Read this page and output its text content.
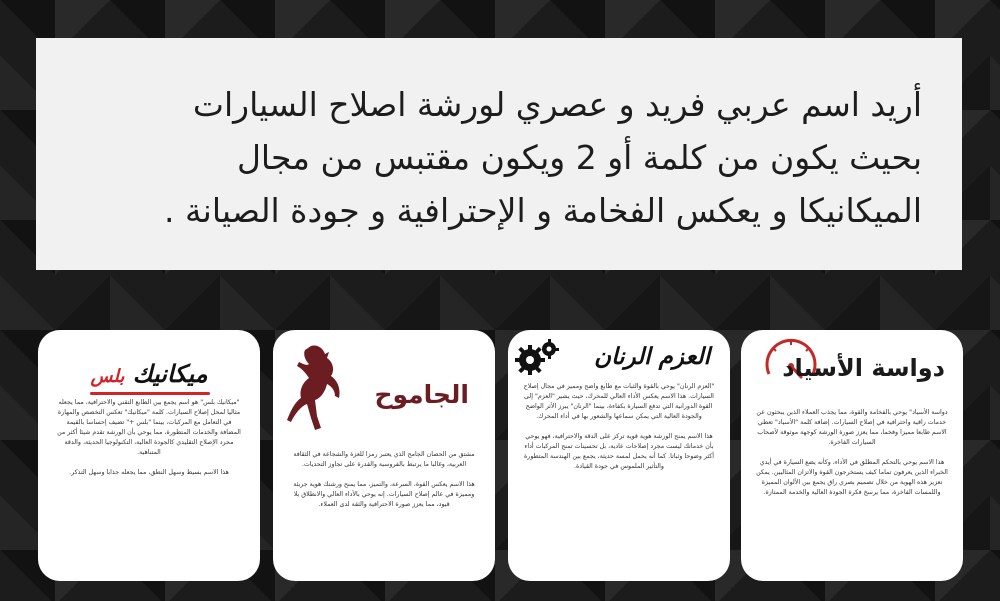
أريد اسم عربي فريد و عصري لورشة اصلاح السيارات
بحيث يكون من كلمة أو 2 ويكون مقتبس من مجال
الميكانيكا و يعكس الفخامة و الإحترافية و جودة الصيانة .
دواسة الأسياد

دواسة الأسياد" يوحي بالفخامة والقوة، مما يجذب العملاء الذين يبحثون عن خدمات راقية واحترافية في إصلاح السيارات. إضافة كلمة "الأسياد" تعطي الاسم طابعا مميزا وفخما، مما يعزز صورة الورشة كوجهة موثوقة لأصحاب السيارات الفاخرة.

هذا الاسم يوحي بالتحكم المطلق في الأداء، وكأنه يضع السيارة في أيدي الخبراء الذين يعرفون تماما كيف يستخرجون القوة والاتزان المثاليين. يمكن تعزيز هذه الهوية من خلال تصميم بصري راق يجمع بين الألوان المميزة واللمسات الفاخرة، مما يرسخ فكرة الجودة العالية والخدمة الممتازة.

العزم الرنان

"العزم الرنان" يوحي بالقوة والثبات مع طابع واضح ومميز في مجال إصلاح السيارات. هذا الاسم يعكس الأداء العالي للمحرك، حيث يشير "العزم" إلى القوة الدورانية التي تدفع السيارة بكفاءة، بينما "الرنان" يبرز الأثر الواضح والجودة العالية التي يمكن سماعها والشعور بها في أداء المحرك.

هذا الاسم يمنح الورشة هوية قوية تركز على الدقة والاحترافية، فهو يوحي بأن خدماتك ليست مجرد إصلاحات عادية، بل تحسينات تمنح المركبات أداء أكثر وضوحا وثباتا. كما أنه يحمل لمسة حديثة، يجمع بين الهندسة المتطورة والتأثير الملموس في جودة القيادة.

الجاموح

مشتق من الحصان الجامح الذي يعتبر رمزا للعزة والشجاعة في الثقافة العربية، وغالبا ما يرتبط بالفروسية والقدرة على تجاوز التحديات.

هذا الاسم يعكس القوة، السرعة، والتميز، مما يمنح ورشتك هوية جريئة ومميزة في عالم إصلاح السيارات. إنه يوحي بالأداء العالي والانطلاق بلا قيود، مما يعزز صورة الاحترافية والثقة لدى العملاء.

ميكانيك بلس

"ميكانيك بلس" هو اسم يجمع بين الطابع التقني والاحترافية، مما يجعله مثاليا لمحل إصلاح السيارات. كلمة "ميكانيك" تعكس التخصص والمهارة في التعامل مع المركبات، بينما "بلس +" تضيف إحساسا بالقيمة المضافة والخدمات المتطورة، مما يوحي بأن الورشة تقدم شيئا أكثر من مجرد الإصلاح التقليدي كالجودة العالية، التكنولوجيا الحديثة، والدقة المتناهية.

هذا الاسم بسيط وسهل النطق، مما يجعله جذابا وسهل التذكر.
